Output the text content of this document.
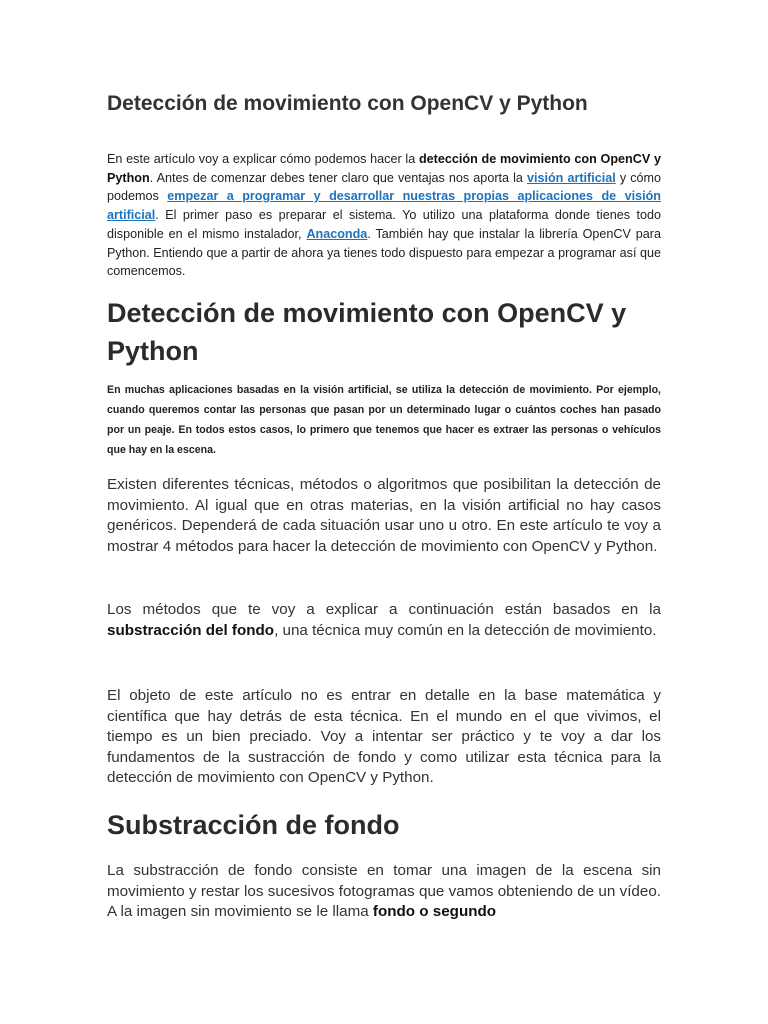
Detección de movimiento con OpenCV y Python

En este artículo voy a explicar cómo podemos hacer la detección de movimiento con OpenCV y Python. Antes de comenzar debes tener claro que ventajas nos aporta la visión artificial y cómo podemos empezar a programar y desarrollar nuestras propias aplicaciones de visión artificial. El primer paso es preparar el sistema. Yo utilizo una plataforma donde tienes todo disponible en el mismo instalador, Anaconda. También hay que instalar la librería OpenCV para Python. Entiendo que a partir de ahora ya tienes todo dispuesto para empezar a programar así que comencemos.

Detección de movimiento con OpenCV y Python

En muchas aplicaciones basadas en la visión artificial, se utiliza la detección de movimiento. Por ejemplo, cuando queremos contar las personas que pasan por un determinado lugar o cuántos coches han pasado por un peaje. En todos estos casos, lo primero que tenemos que hacer es extraer las personas o vehículos que hay en la escena.

Existen diferentes técnicas, métodos o algoritmos que posibilitan la detección de movimiento. Al igual que en otras materias, en la visión artificial no hay casos genéricos. Dependerá de cada situación usar uno u otro. En este artículo te voy a mostrar 4 métodos para hacer la detección de movimiento con OpenCV y Python.

Los métodos que te voy a explicar a continuación están basados en la substracción del fondo, una técnica muy común en la detección de movimiento.

El objeto de este artículo no es entrar en detalle en la base matemática y científica que hay detrás de esta técnica. En el mundo en el que vivimos, el tiempo es un bien preciado. Voy a intentar ser práctico y te voy a dar los fundamentos de la sustracción de fondo y como utilizar esta técnica para la detección de movimiento con OpenCV y Python.

Substracción de fondo

La substracción de fondo consiste en tomar una imagen de la escena sin movimiento y restar los sucesivos fotogramas que vamos obteniendo de un vídeo. A la imagen sin movimiento se le llama fondo o segundo
